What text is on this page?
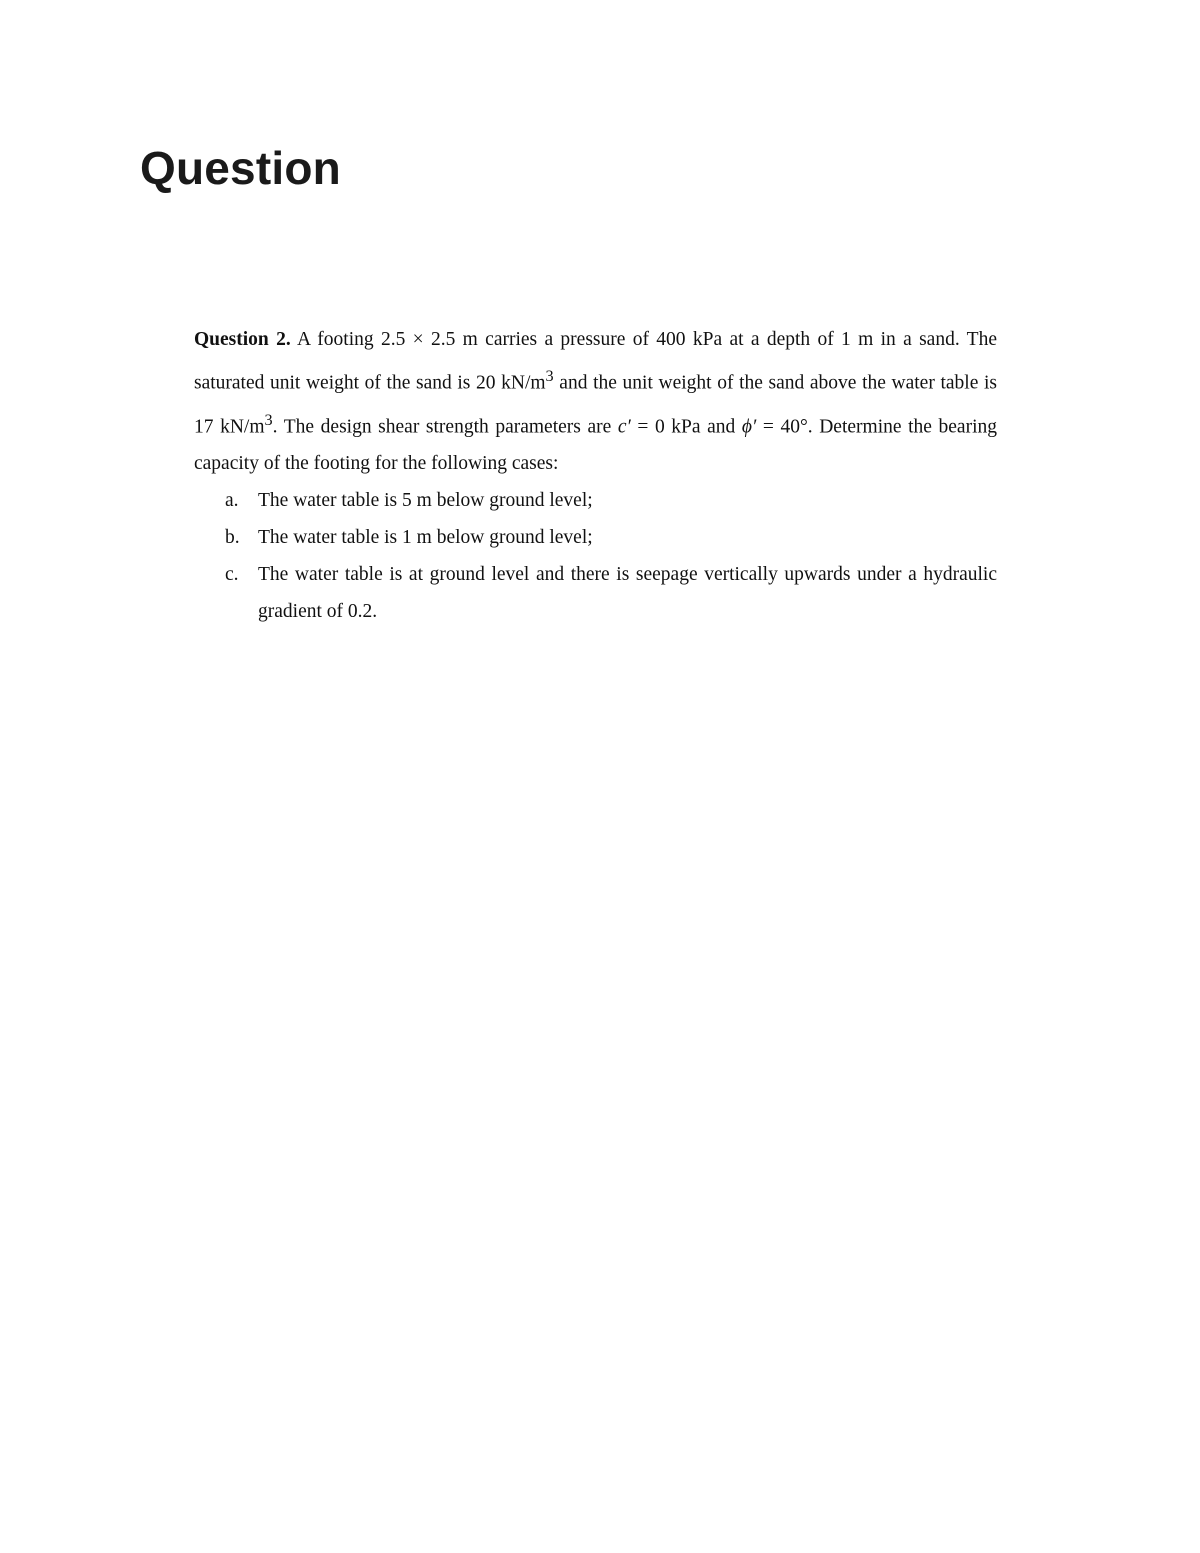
Question

Question 2. A footing 2.5 × 2.5 m carries a pressure of 400 kPa at a depth of 1 m in a sand. The saturated unit weight of the sand is 20 $kN/m^3$ and the unit weight of the sand above the water table is 17 $kN/m^3$. The design shear strength parameters are c′ = 0 kPa and ϕ′ = 40°. Determine the bearing capacity of the footing for the following cases:

a. The water table is 5 m below ground level;
b. The water table is 1 m below ground level;
c. The water table is at ground level and there is seepage vertically upwards under a hydraulic gradient of 0.2.
